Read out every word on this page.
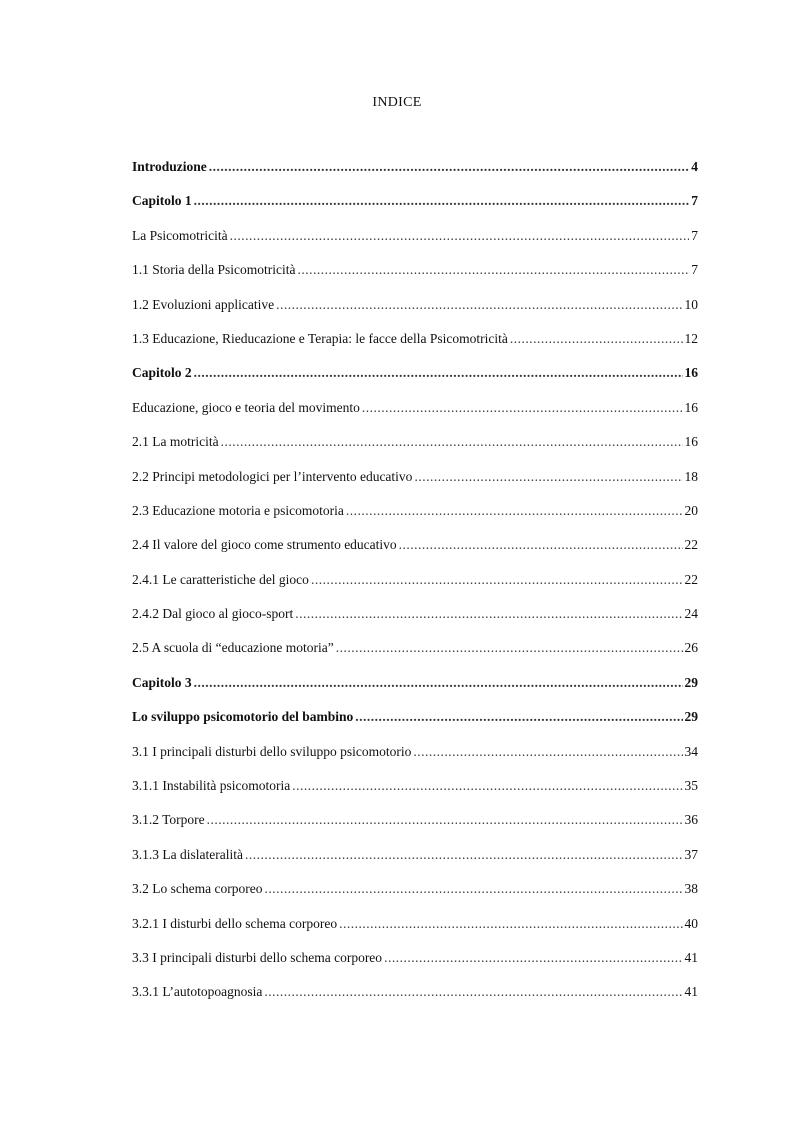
INDICE
Introduzione .....	4
Capitolo 1 .....	7
La Psicomotricità .....	7
1.1 Storia della Psicomotricità .....	7
1.2 Evoluzioni applicative .....	10
1.3 Educazione, Rieducazione e Terapia: le facce della Psicomotricità .....	12
Capitolo 2 .....	16
Educazione, gioco e teoria del movimento .....	16
2.1 La motricità .....	16
2.2 Principi metodologici per l’intervento educativo .....	18
2.3 Educazione motoria e psicomotoria .....	20
2.4 Il valore del gioco come strumento educativo .....	22
2.4.1 Le caratteristiche del gioco .....	22
2.4.2 Dal gioco al gioco-sport .....	24
2.5 A scuola di “educazione motoria” .....	26
Capitolo 3 .....	29
Lo sviluppo psicomotorio del bambino .....	29
3.1 I principali disturbi dello sviluppo psicomotorio .....	34
3.1.1 Instabilità psicomotoria .....	35
3.1.2 Torpore .....	36
3.1.3 La dislateralità .....	37
3.2 Lo schema corporeo .....	38
3.2.1 I disturbi dello schema corporeo .....	40
3.3 I principali disturbi dello schema corporeo .....	41
3.3.1 L’autotopoagnosia .....	41
